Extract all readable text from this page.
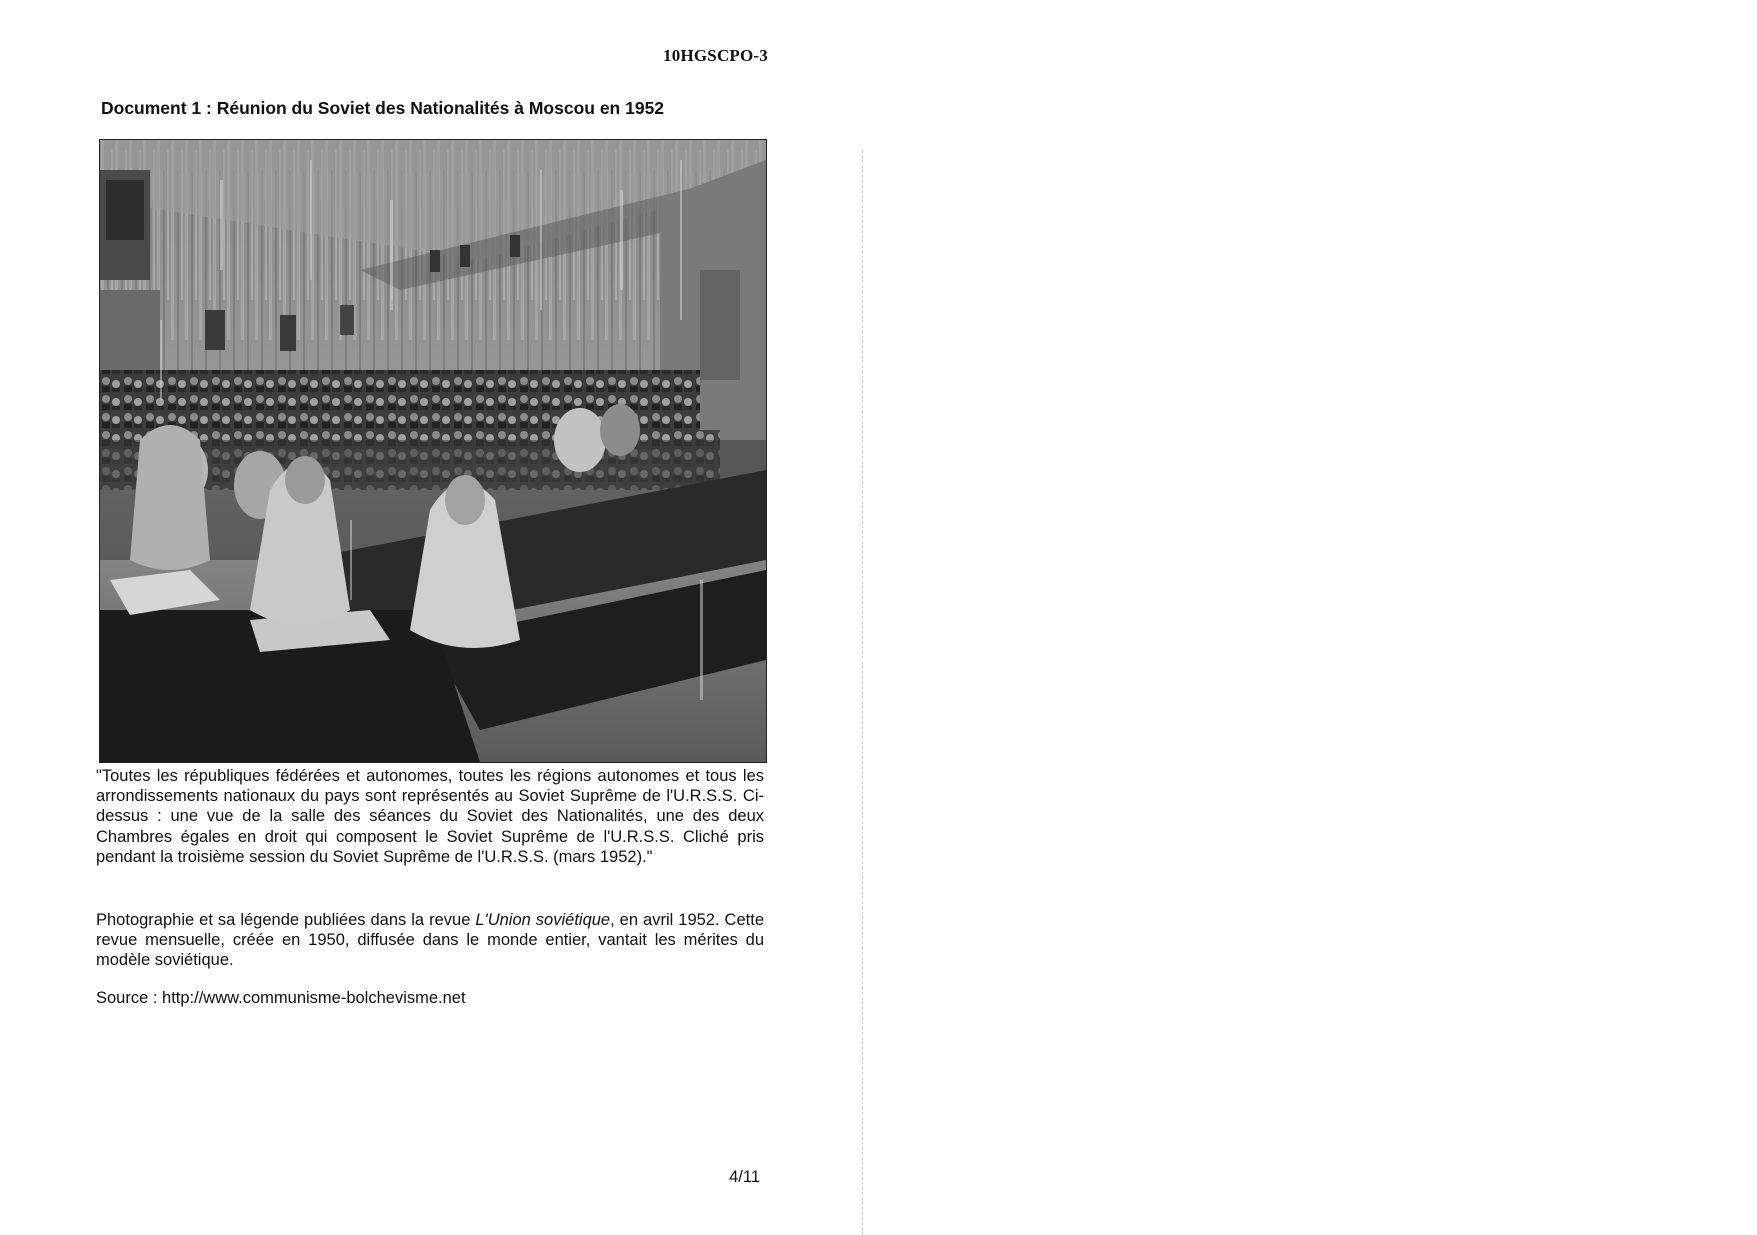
10HGSCPO-3
Document 1 : Réunion du Soviet des Nationalités à Moscou en 1952
"Toutes les républiques fédérées et autonomes, toutes les régions autonomes et tous les arrondissements nationaux du pays sont représentés au Soviet Suprême de l'U.R.S.S. Ci-dessus : une vue de la salle des séances du Soviet des Nationalités, une des deux Chambres égales en droit qui composent le Soviet Suprême de l'U.R.S.S. Cliché pris pendant la troisième session du Soviet Suprême de l'U.R.S.S. (mars 1952)."
Photographie et sa légende publiées dans la revue L'Union soviétique, en avril 1952. Cette revue mensuelle, créée en 1950, diffusée dans le monde entier, vantait les mérites du modèle soviétique.
Source : http://www.communisme-bolchevisme.net
4/11
